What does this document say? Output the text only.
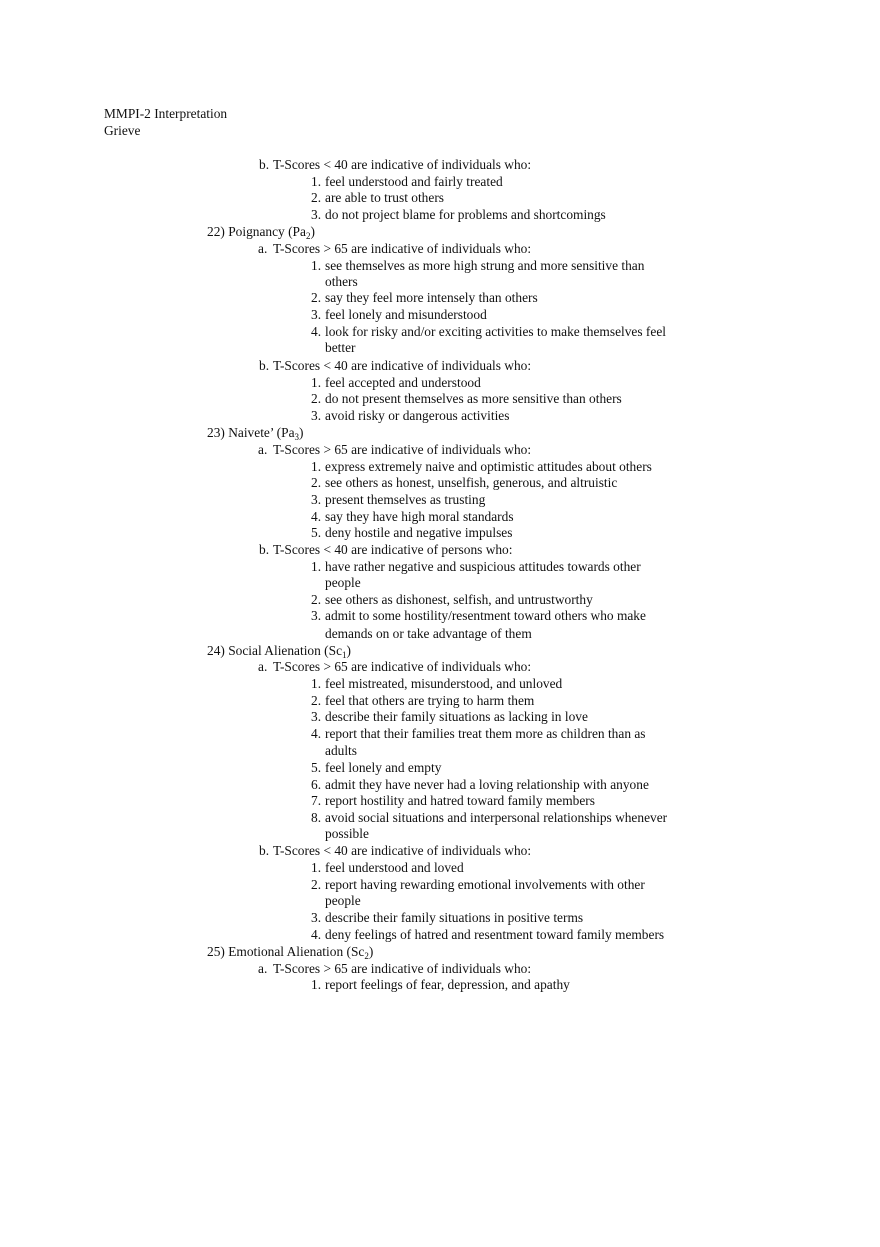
MMPI-2 Interpretation
Grieve
b. T-Scores < 40 are indicative of individuals who:
1. feel understood and fairly treated
2. are able to trust others
3. do not project blame for problems and shortcomings
22) Poignancy $(Pa_2)$
a. T-Scores > 65 are indicative of individuals who:
1. see themselves as more high strung and more sensitive than
others
2. say they feel more intensely than others
3. feel lonely and misunderstood
4. look for risky and/or exciting activities to make themselves feel
better
b. T-Scores < 40 are indicative of individuals who:
1. feel accepted and understood
2. do not present themselves as more sensitive than others
3. avoid risky or dangerous activities
23) Naivete’ $(Pa_3)$
a. T-Scores > 65 are indicative of individuals who:
1. express extremely naive and optimistic attitudes about others
2. see others as honest, unselfish, generous, and altruistic
3. present themselves as trusting
4. say they have high moral standards
5. deny hostile and negative impulses
b. T-Scores < 40 are indicative of persons who:
1. have rather negative and suspicious attitudes towards other
people
2. see others as dishonest, selfish, and untrustworthy
3. admit to some hostility/resentment toward others who make
demands on or take advantage of them
24) Social Alienation $(Sc_1)$
a. T-Scores > 65 are indicative of individuals who:
1. feel mistreated, misunderstood, and unloved
2. feel that others are trying to harm them
3. describe their family situations as lacking in love
4. report that their families treat them more as children than as
adults
5. feel lonely and empty
6. admit they have never had a loving relationship with anyone
7. report hostility and hatred toward family members
8. avoid social situations and interpersonal relationships whenever
possible
b. T-Scores < 40 are indicative of individuals who:
1. feel understood and loved
2. report having rewarding emotional involvements with other
people
3. describe their family situations in positive terms
4. deny feelings of hatred and resentment toward family members
25) Emotional Alienation $(Sc_2)$
a. T-Scores > 65 are indicative of individuals who:
1. report feelings of fear, depression, and apathy
